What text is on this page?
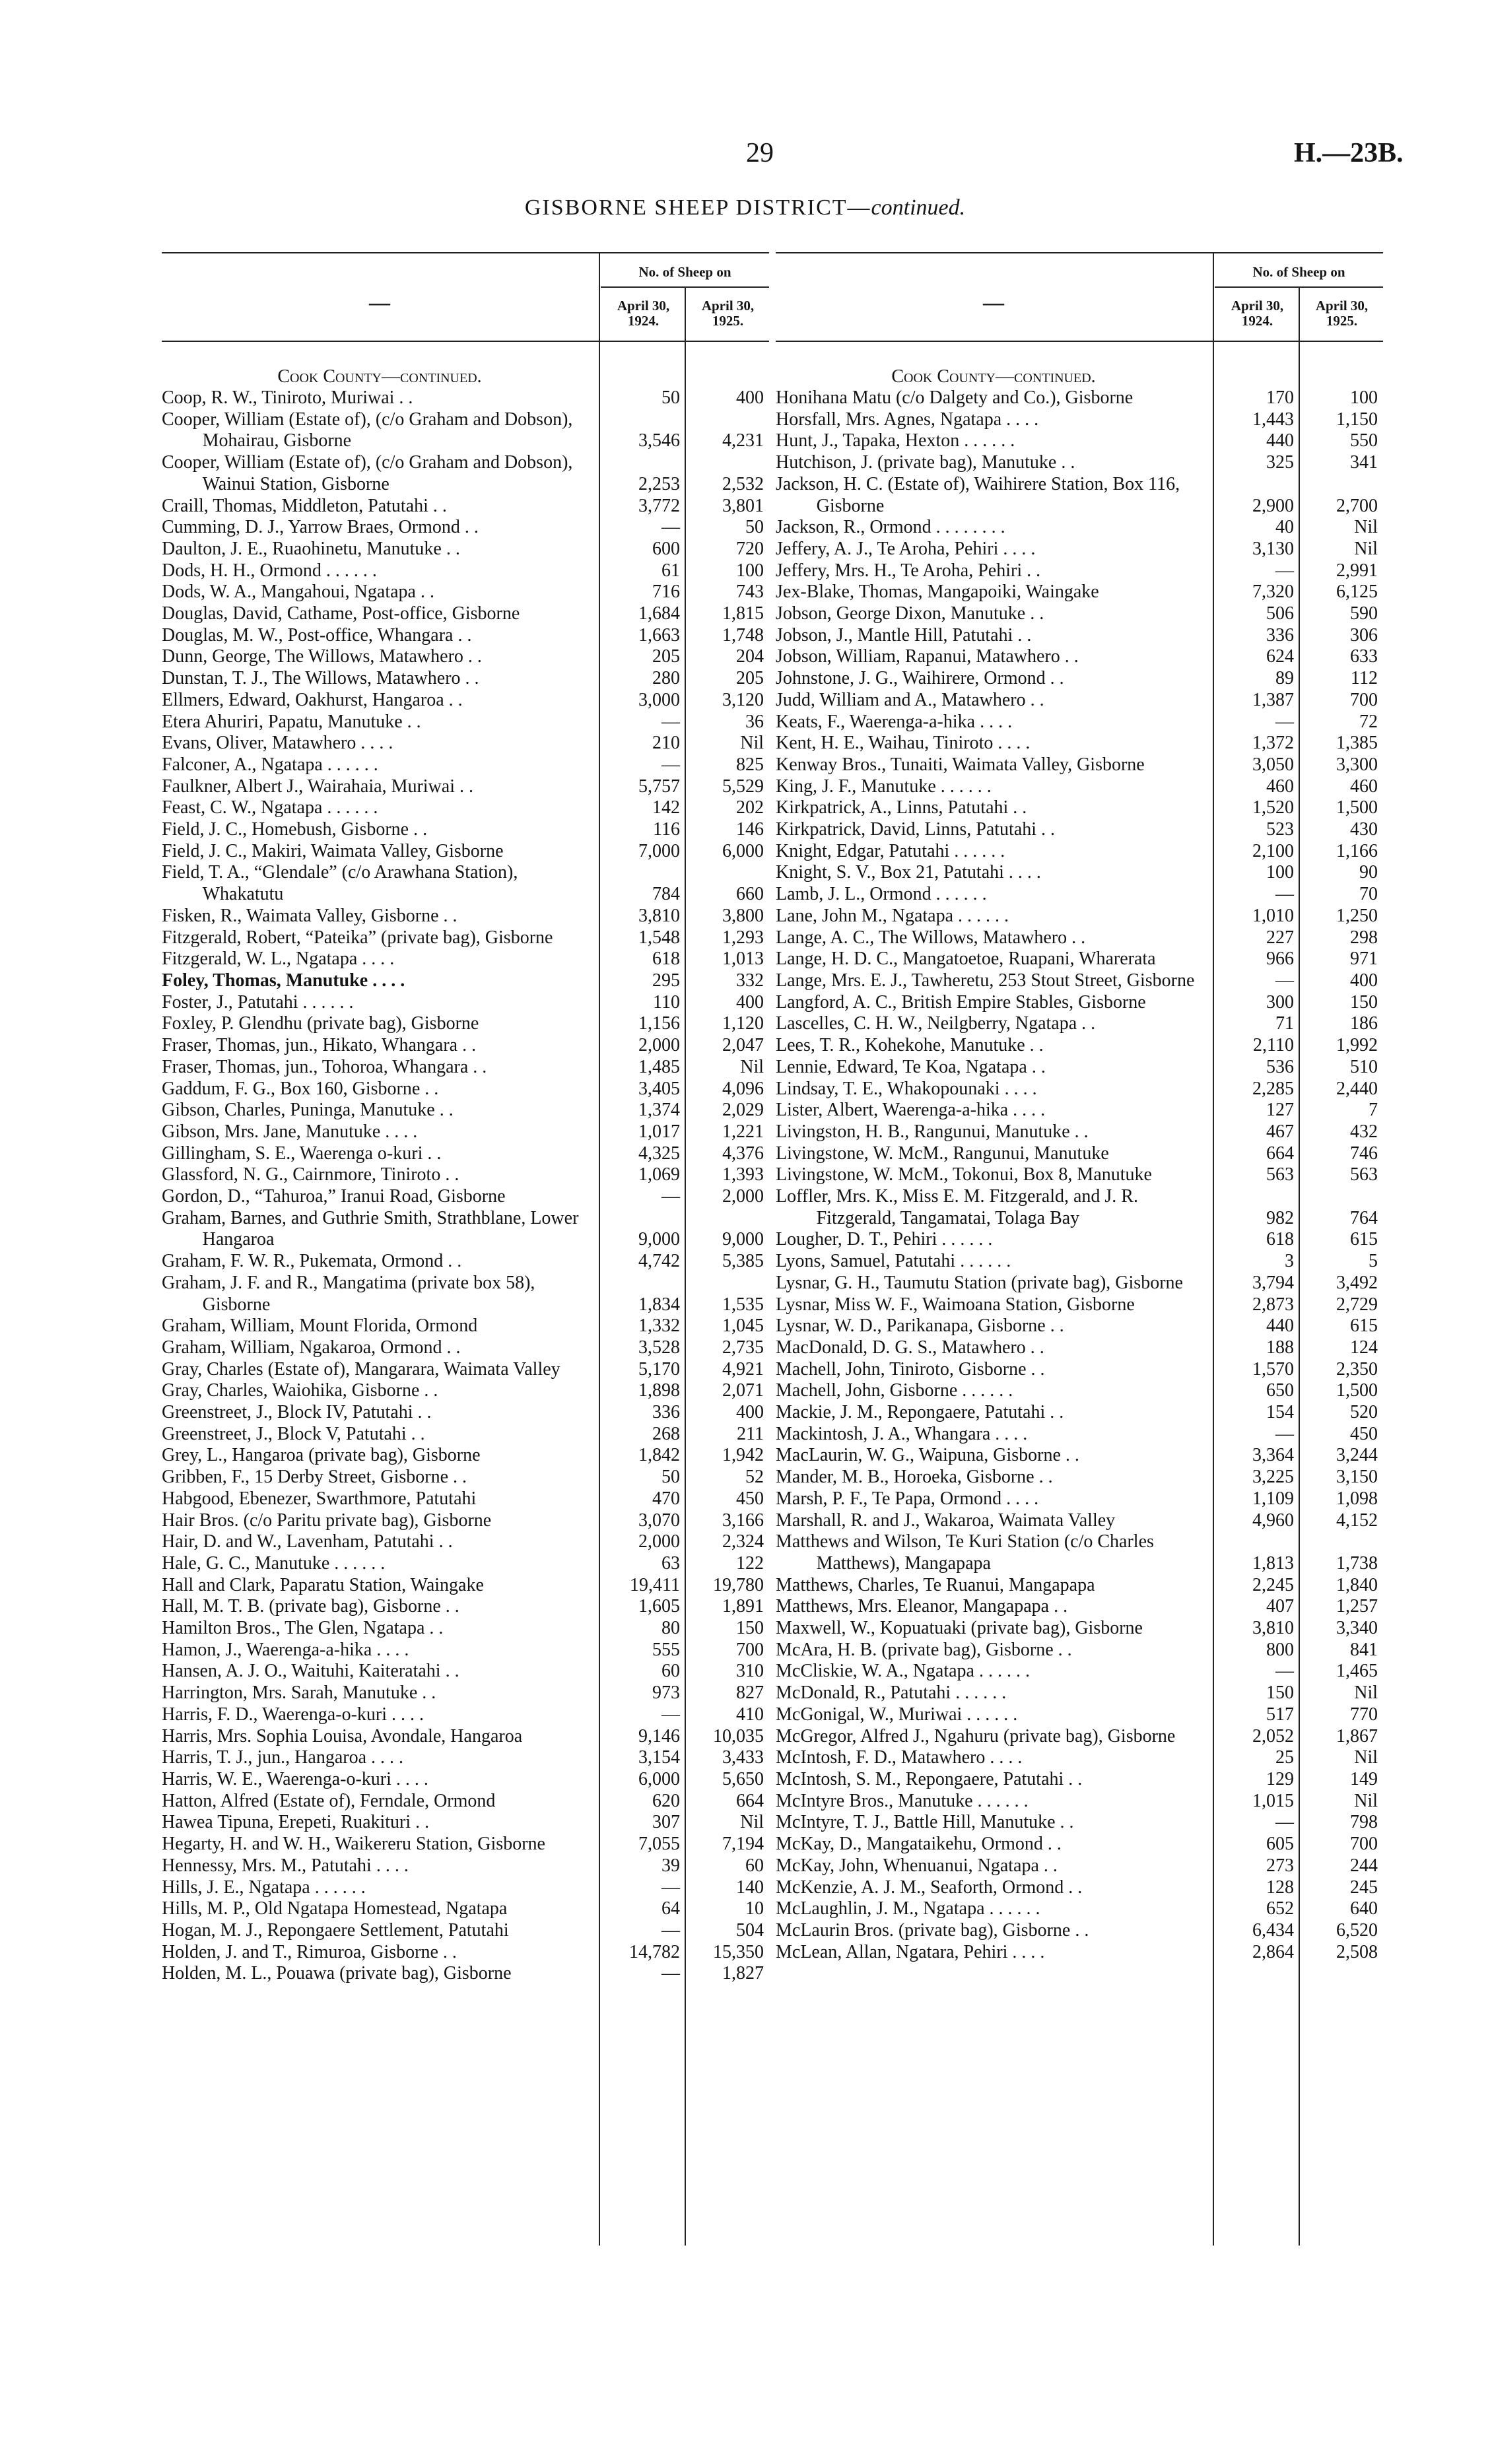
29	H.—23B.
GISBORNE SHEEP DISTRICT—continued.
—
No. of Sheep on
April 30, 1924.
April 30, 1925.
Cook County—continued.
Coop, R. W., Tiniroto, Muriwai . .	50	400
Cooper, William (Estate of), (c/o Graham and Dobson), Mohairau, Gisborne	3,546	4,231
Cooper, William (Estate of), (c/o Graham and Dobson), Wainui Station, Gisborne	2,253	2,532
Craill, Thomas, Middleton, Patutahi . .	3,772	3,801
Cumming, D. J., Yarrow Braes, Ormond . .	—	50
Daulton, J. E., Ruaohinetu, Manutuke . .	600	720
Dods, H. H., Ormond . . . . . .	61	100
Dods, W. A., Mangahoui, Ngatapa . .	716	743
Douglas, David, Cathame, Post-office, Gisborne	1,684	1,815
Douglas, M. W., Post-office, Whangara . .	1,663	1,748
Dunn, George, The Willows, Matawhero . .	205	204
Dunstan, T. J., The Willows, Matawhero . .	280	205
Ellmers, Edward, Oakhurst, Hangaroa . .	3,000	3,120
Etera Ahuriri, Papatu, Manutuke . .	—	36
Evans, Oliver, Matawhero . . . .	210	Nil
Falconer, A., Ngatapa . . . . . .	—	825
Faulkner, Albert J., Wairahaia, Muriwai . .	5,757	5,529
Feast, C. W., Ngatapa . . . . . .	142	202
Field, J. C., Homebush, Gisborne . .	116	146
Field, J. C., Makiri, Waimata Valley, Gisborne	7,000	6,000
Field, T. A., “Glendale” (c/o Arawhana Station), Whakatutu	784	660
Fisken, R., Waimata Valley, Gisborne . .	3,810	3,800
Fitzgerald, Robert, “Pateika” (private bag), Gisborne	1,548	1,293
Fitzgerald, W. L., Ngatapa . . . .	618	1,013
Foley, Thomas, Manutuke . . . .	295	332
Foster, J., Patutahi . . . . . .	110	400
Foxley, P. Glendhu (private bag), Gisborne	1,156	1,120
Fraser, Thomas, jun., Hikato, Whangara . .	2,000	2,047
Fraser, Thomas, jun., Tohoroa, Whangara . .	1,485	Nil
Gaddum, F. G., Box 160, Gisborne . .	3,405	4,096
Gibson, Charles, Puninga, Manutuke . .	1,374	2,029
Gibson, Mrs. Jane, Manutuke . . . .	1,017	1,221
Gillingham, S. E., Waerenga o-kuri . .	4,325	4,376
Glassford, N. G., Cairnmore, Tiniroto . .	1,069	1,393
Gordon, D., “Tahuroa,” Iranui Road, Gisborne	—	2,000
Graham, Barnes, and Guthrie Smith, Strathblane, Lower Hangaroa	9,000	9,000
Graham, F. W. R., Pukemata, Ormond . .	4,742	5,385
Graham, J. F. and R., Mangatima (private box 58), Gisborne	1,834	1,535
Graham, William, Mount Florida, Ormond	1,332	1,045
Graham, William, Ngakaroa, Ormond . .	3,528	2,735
Gray, Charles (Estate of), Mangarara, Waimata Valley	5,170	4,921
Gray, Charles, Waiohika, Gisborne . .	1,898	2,071
Greenstreet, J., Block IV, Patutahi . .	336	400
Greenstreet, J., Block V, Patutahi . .	268	211
Grey, L., Hangaroa (private bag), Gisborne	1,842	1,942
Gribben, F., 15 Derby Street, Gisborne . .	50	52
Habgood, Ebenezer, Swarthmore, Patutahi	470	450
Hair Bros. (c/o Paritu private bag), Gisborne	3,070	3,166
Hair, D. and W., Lavenham, Patutahi . .	2,000	2,324
Hale, G. C., Manutuke . . . . . .	63	122
Hall and Clark, Paparatu Station, Waingake	19,411	19,780
Hall, M. T. B. (private bag), Gisborne . .	1,605	1,891
Hamilton Bros., The Glen, Ngatapa . .	80	150
Hamon, J., Waerenga-a-hika . . . .	555	700
Hansen, A. J. O., Waituhi, Kaiteratahi . .	60	310
Harrington, Mrs. Sarah, Manutuke . .	973	827
Harris, F. D., Waerenga-o-kuri . . . .	—	410
Harris, Mrs. Sophia Louisa, Avondale, Hangaroa	9,146	10,035
Harris, T. J., jun., Hangaroa . . . .	3,154	3,433
Harris, W. E., Waerenga-o-kuri . . . .	6,000	5,650
Hatton, Alfred (Estate of), Ferndale, Ormond	620	664
Hawea Tipuna, Erepeti, Ruakituri . .	307	Nil
Hegarty, H. and W. H., Waikereru Station, Gisborne	7,055	7,194
Hennessy, Mrs. M., Patutahi . . . .	39	60
Hills, J. E., Ngatapa . . . . . .	—	140
Hills, M. P., Old Ngatapa Homestead, Ngatapa	64	10
Hogan, M. J., Repongaere Settlement, Patutahi	—	504
Holden, J. and T., Rimuroa, Gisborne . .	14,782	15,350
Holden, M. L., Pouawa (private bag), Gisborne	—	1,827
—
No. of Sheep on
April 30, 1924.
April 30, 1925.
Cook County—continued.
Honihana Matu (c/o Dalgety and Co.), Gisborne	170	100
Horsfall, Mrs. Agnes, Ngatapa . . . .	1,443	1,150
Hunt, J., Tapaka, Hexton . . . . . .	440	550
Hutchison, J. (private bag), Manutuke . .	325	341
Jackson, H. C. (Estate of), Waihirere Station, Box 116, Gisborne	2,900	2,700
Jackson, R., Ormond . . . . . . . .	40	Nil
Jeffery, A. J., Te Aroha, Pehiri . . . .	3,130	Nil
Jeffery, Mrs. H., Te Aroha, Pehiri . .	—	2,991
Jex-Blake, Thomas, Mangapoiki, Waingake	7,320	6,125
Jobson, George Dixon, Manutuke . .	506	590
Jobson, J., Mantle Hill, Patutahi . .	336	306
Jobson, William, Rapanui, Matawhero . .	624	633
Johnstone, J. G., Waihirere, Ormond . .	89	112
Judd, William and A., Matawhero . .	1,387	700
Keats, F., Waerenga-a-hika . . . .	—	72
Kent, H. E., Waihau, Tiniroto . . . .	1,372	1,385
Kenway Bros., Tunaiti, Waimata Valley, Gisborne	3,050	3,300
King, J. F., Manutuke . . . . . .	460	460
Kirkpatrick, A., Linns, Patutahi . .	1,520	1,500
Kirkpatrick, David, Linns, Patutahi . .	523	430
Knight, Edgar, Patutahi . . . . . .	2,100	1,166
Knight, S. V., Box 21, Patutahi . . . .	100	90
Lamb, J. L., Ormond . . . . . .	—	70
Lane, John M., Ngatapa . . . . . .	1,010	1,250
Lange, A. C., The Willows, Matawhero . .	227	298
Lange, H. D. C., Mangatoetoe, Ruapani, Wharerata	966	971
Lange, Mrs. E. J., Tawheretu, 253 Stout Street, Gisborne	—	400
Langford, A. C., British Empire Stables, Gisborne	300	150
Lascelles, C. H. W., Neilgberry, Ngatapa . .	71	186
Lees, T. R., Kohekohe, Manutuke . .	2,110	1,992
Lennie, Edward, Te Koa, Ngatapa . .	536	510
Lindsay, T. E., Whakopounaki . . . .	2,285	2,440
Lister, Albert, Waerenga-a-hika . . . .	127	7
Livingston, H. B., Rangunui, Manutuke . .	467	432
Livingstone, W. McM., Rangunui, Manutuke	664	746
Livingstone, W. McM., Tokonui, Box 8, Manutuke	563	563
Loffler, Mrs. K., Miss E. M. Fitzgerald, and J. R. Fitzgerald, Tangamatai, Tolaga Bay	982	764
Lougher, D. T., Pehiri . . . . . .	618	615
Lyons, Samuel, Patutahi . . . . . .	3	5
Lysnar, G. H., Taumutu Station (private bag), Gisborne	3,794	3,492
Lysnar, Miss W. F., Waimoana Station, Gisborne	2,873	2,729
Lysnar, W. D., Parikanapa, Gisborne . .	440	615
MacDonald, D. G. S., Matawhero . .	188	124
Machell, John, Tiniroto, Gisborne . .	1,570	2,350
Machell, John, Gisborne . . . . . .	650	1,500
Mackie, J. M., Repongaere, Patutahi . .	154	520
Mackintosh, J. A., Whangara . . . .	—	450
MacLaurin, W. G., Waipuna, Gisborne . .	3,364	3,244
Mander, M. B., Horoeka, Gisborne . .	3,225	3,150
Marsh, P. F., Te Papa, Ormond . . . .	1,109	1,098
Marshall, R. and J., Wakaroa, Waimata Valley	4,960	4,152
Matthews and Wilson, Te Kuri Station (c/o Charles Matthews), Mangapapa	1,813	1,738
Matthews, Charles, Te Ruanui, Mangapapa	2,245	1,840
Matthews, Mrs. Eleanor, Mangapapa . .	407	1,257
Maxwell, W., Kopuatuaki (private bag), Gisborne	3,810	3,340
McAra, H. B. (private bag), Gisborne . .	800	841
McCliskie, W. A., Ngatapa . . . . . .	—	1,465
McDonald, R., Patutahi . . . . . .	150	Nil
McGonigal, W., Muriwai . . . . . .	517	770
McGregor, Alfred J., Ngahuru (private bag), Gisborne	2,052	1,867
McIntosh, F. D., Matawhero . . . .	25	Nil
McIntosh, S. M., Repongaere, Patutahi . .	129	149
McIntyre Bros., Manutuke . . . . . .	1,015	Nil
McIntyre, T. J., Battle Hill, Manutuke . .	—	798
McKay, D., Mangataikehu, Ormond . .	605	700
McKay, John, Whenuanui, Ngatapa . .	273	244
McKenzie, A. J. M., Seaforth, Ormond . .	128	245
McLaughlin, J. M., Ngatapa . . . . . .	652	640
McLaurin Bros. (private bag), Gisborne . .	6,434	6,520
McLean, Allan, Ngatara, Pehiri . . . .	2,864	2,508
